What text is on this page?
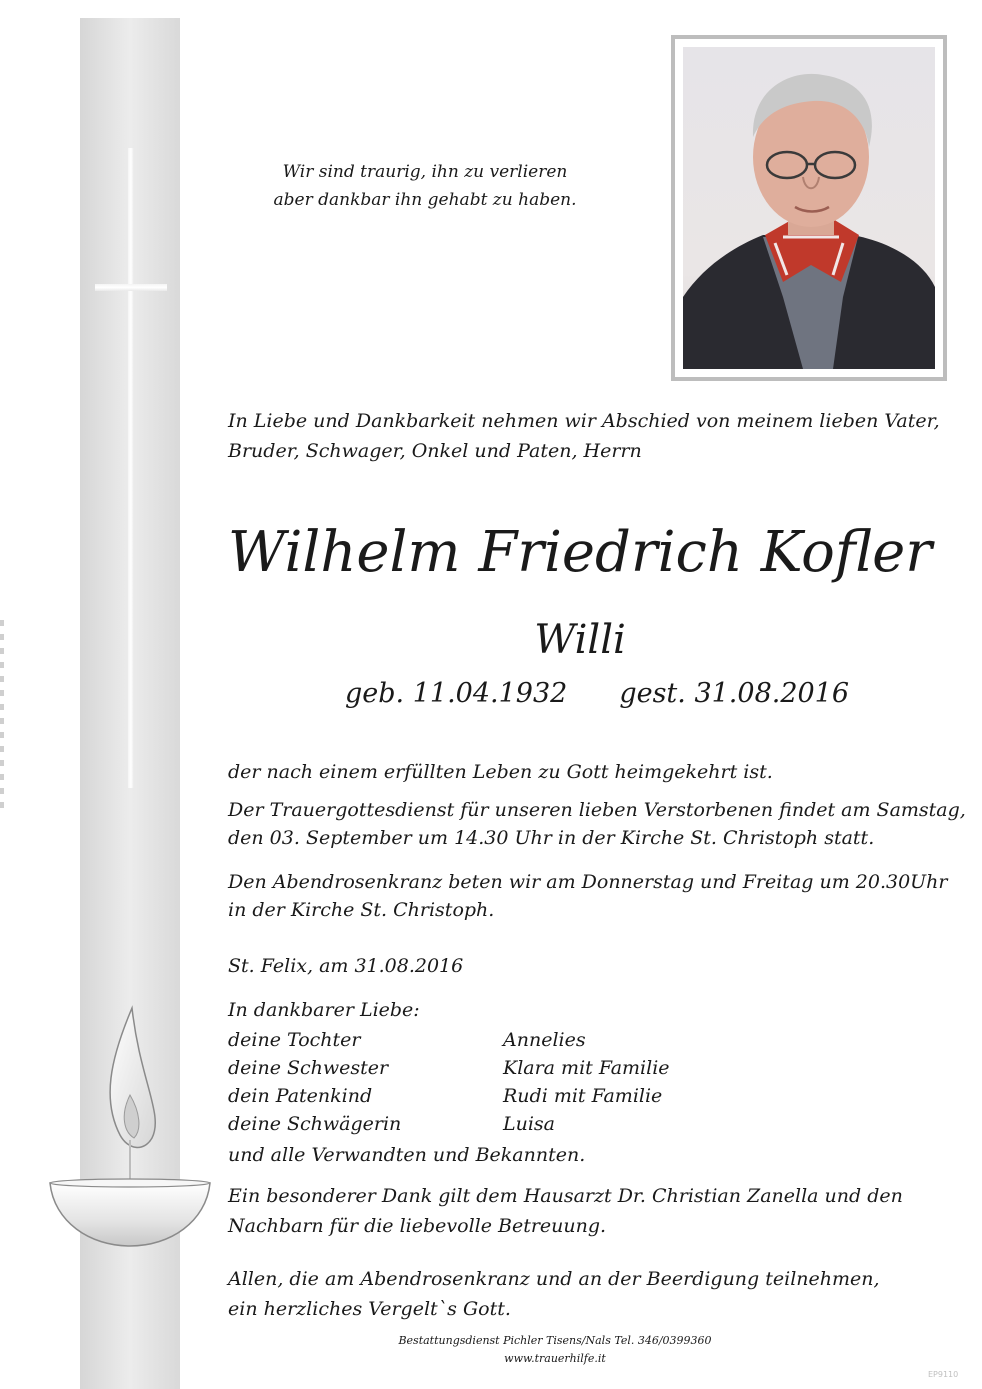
Wir sind traurig, ihn zu verlieren
aber dankbar ihn gehabt zu haben.
In Liebe und Dankbarkeit nehmen wir Abschied von meinem lieben Vater,
Bruder, Schwager, Onkel und Paten, Herrn
Wilhelm Friedrich Kofler
Willi
geb. 11.04.1932 gest. 31.08.2016
der nach einem erfüllten Leben zu Gott heimgekehrt ist.
Der Trauergottesdienst für unseren lieben Verstorbenen findet am Samstag,
den 03. September um 14.30 Uhr in der Kirche St. Christoph statt.
Den Abendrosenkranz beten wir am Donnerstag und Freitag um 20.30Uhr
in der Kirche St. Christoph.
St. Felix, am 31.08.2016
In dankbarer Liebe:
deine Tochter	Annelies
deine Schwester	Klara mit Familie
dein Patenkind	Rudi mit Familie
deine Schwägerin	Luisa
und alle Verwandten und Bekannten.
Ein besonderer Dank gilt dem Hausarzt Dr. Christian Zanella und den
Nachbarn für die liebevolle Betreuung.
Allen, die am Abendrosenkranz und an der Beerdigung teilnehmen,
ein herzliches Vergelt`s Gott.
Bestattungsdienst Pichler Tisens/Nals Tel. 346/0399360
www.trauerhilfe.it
EP9110
